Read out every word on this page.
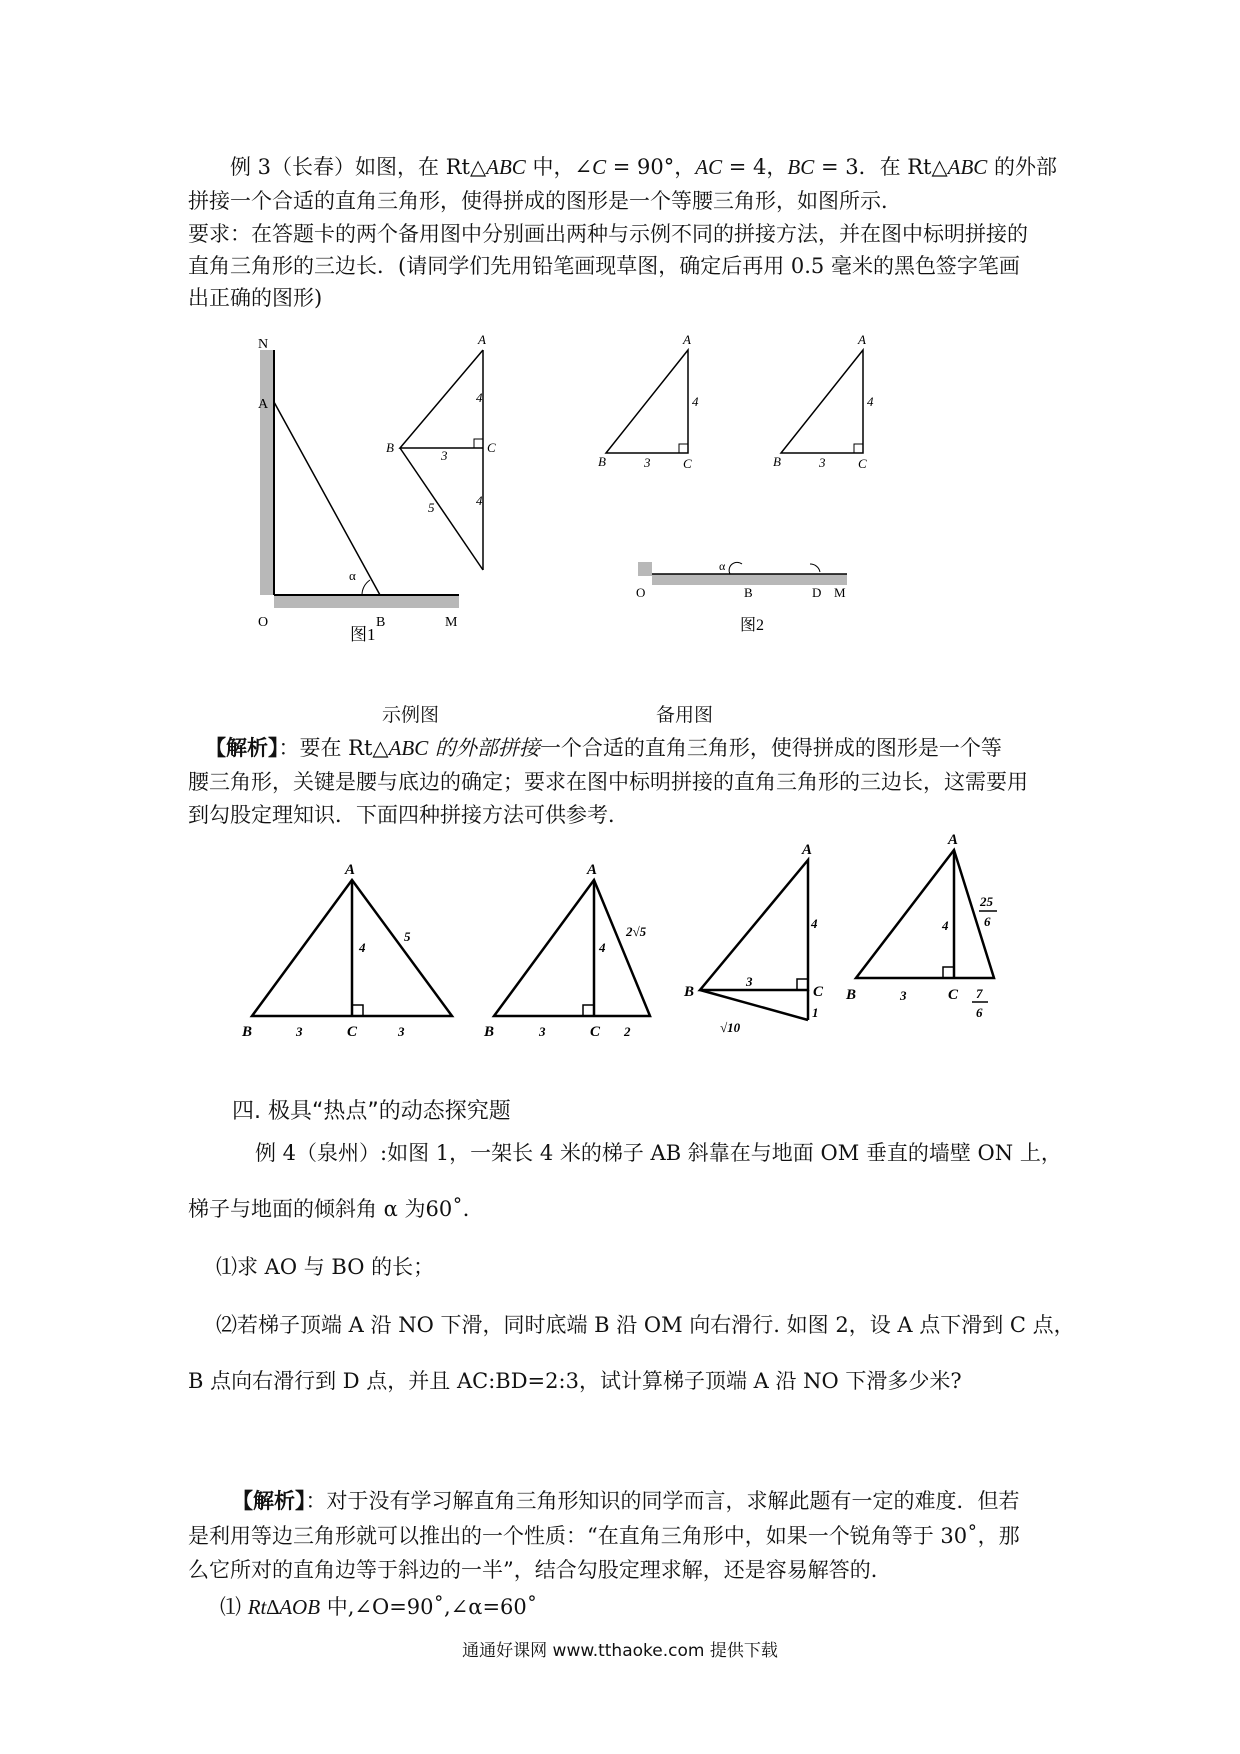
例 3（长春）如图，在 Rt△ABC 中，∠C = 90°，AC = 4，BC = 3．在 Rt△ABC 的外部
拼接一个合适的直角三角形，使得拼成的图形是一个等腰三角形，如图所示．
要求：在答题卡的两个备用图中分别画出两种与示例不同的拼接方法，并在图中标明拼接的
直角三角形的三边长．(请同学们先用铅笔画现草图，确定后再用 0.5 毫米的黑色签字笔画
出正确的图形)
N
A
α
O	B	M
图1
A
B	C
4
3
4
5
A
B	C
4
3
A
B	C
4
3
α
O	B	D M
图2
示例图	备用图
【解析】：要在 Rt△ABC 的外部拼接一个合适的直角三角形，使得拼成的图形是一个等
腰三角形，关键是腰与底边的确定；要求在图中标明拼接的直角三角形的三边长，这需要用
到勾股定理知识．下面四种拼接方法可供参考．
A
B	C
4
5
3	3
A
B	C
4
2√5
3	2
A
B	C
4
3
1
√10
A
B	C
4
3
25
6
7
6
四. 极具“热点”的动态探究题
例 4（泉州）:如图 1，一架长 4 米的梯子 AB 斜靠在与地面 OM 垂直的墙壁 ON 上，
梯子与地面的倾斜角 α 为60˚．
⑴求 AO 与 BO 的长；
⑵若梯子顶端 A 沿 NO 下滑，同时底端 B 沿 OM 向右滑行. 如图 2，设 A 点下滑到 C 点，
B 点向右滑行到 D 点，并且 AC:BD=2:3，试计算梯子顶端 A 沿 NO 下滑多少米?
【解析】：对于没有学习解直角三角形知识的同学而言，求解此题有一定的难度．但若
是利用等边三角形就可以推出的一个性质：“在直角三角形中，如果一个锐角等于 30˚，那
么它所对的直角边等于斜边的一半”，结合勾股定理求解，还是容易解答的．
⑴ Rt∆AOB 中,∠O=90˚,∠α=60˚
通通好课网 www.tthaoke.com 提供下载
